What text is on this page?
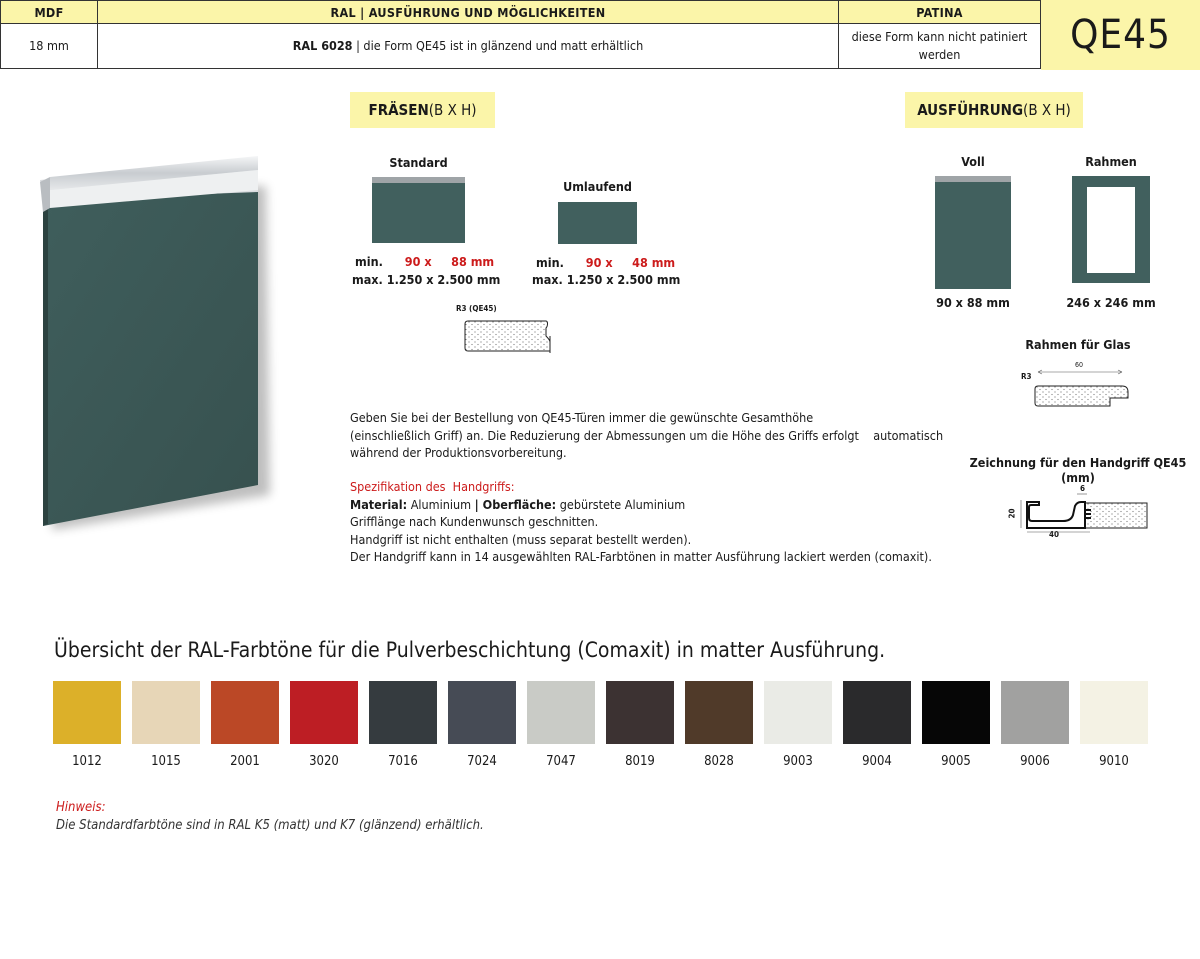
MDF	RAL | AUSFÜHRUNG UND MÖGLICHKEITEN	PATINA
18 mm	RAL 6028 | die Form QE45 ist in glänzend und matt erhältlich	diese Form kann nicht patiniert werden	QE45
FRÄSEN (B X H)
Standard
min. 90 x     88 mm
max. 1.250 x 2.500 mm
Umlaufend
min. 90 x     48 mm
max. 1.250 x 2.500 mm
R3 (QE45)
AUSFÜHRUNG (B X H)
Voll
90 x 88 mm
Rahmen
246 x 246 mm
Rahmen für Glas
R3
60
Zeichnung für den Handgriff QE45 (mm)
6
20
40
Geben Sie bei der Bestellung von QE45-Türen immer die gewünschte Gesamthöhe
(einschließlich Griff) an. Die Reduzierung der Abmessungen um die Höhe des Griffs erfolgt    automatisch
während der Produktionsvorbereitung.
Spezifikation des  Handgriffs:
Material: Aluminium | Oberfläche: gebürstete Aluminium
Grifflänge nach Kundenwunsch geschnitten.
Handgriff ist nicht enthalten (muss separat bestellt werden).
Der Handgriff kann in 14 ausgewählten RAL-Farbtönen in matter Ausführung lackiert werden (comaxit).
Übersicht der RAL-Farbtöne für die Pulverbeschichtung (Comaxit) in matter Ausführung.
1012	1015	2001	3020	7016	7024	7047	8019	8028	9003	9004	9005	9006	9010
Hinweis:
Die Standardfarbtöne sind in RAL K5 (matt) und K7 (glänzend) erhältlich.
